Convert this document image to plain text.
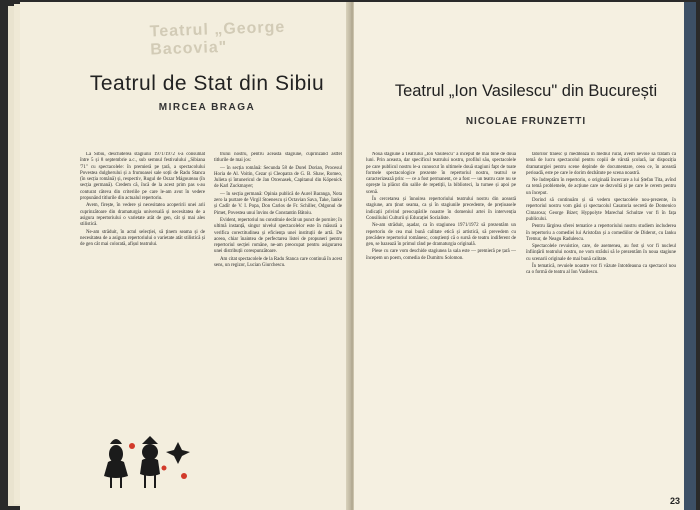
Teatrul „George Bacovia"
Teatrul de Stat din Sibiu
MIRCEA BRAGA

La Sibiu, deschiderea stagiunii 1971/1972 s-a consumat între 5 și 8 septembrie a.c., sub semnul festivalului „Sibiana '71" cu spectacolele: în premieră pe țară, a spectacolului Povestea dulgherului și a frumoasei sale soții de Radu Stanca (în secția română) și, respectiv, Rugul de Oszar Mágoureau (în secția germană). Credem că, încă de la acest prim pas s-au conturat câteva din criteriile pe care le-am avut în vedere propunând titlurile din actualul repertoriu.

Avem, firește, în vedere și necesitatea acoperirii unei arii cuprinzătoare din dramaturgia universală și necesitatea de a asigura repertoriului o varietate atât de gen, cât și mai ales stilistică.

Ne-am străduit, în actul selecției, să ținem seama și de necesitatea de a asigura repertoriului o varietate atât stilistică și de gen cât mai colorată, afișul teatrului.

trului nostru, pentru această stagiune, cuprinzând astfel titlurile de mai jos:

— în secția română: Secunda 58 de Dorel Dorian, Procesul Horia de Al. Voitin, Cezar și Cleopatra de G. B. Shaw, Romeo, Julieta și întunericul de Jan Otcenasek, Capitanul din Köpenick de Karl Zuckmayer;

— în secția germană: Opinia publică de Aurel Baranga, Nota zero la purtare de Virgil Stoenescu și Octavian Sava, Take, Ianke și Cadîr de V. I. Popa, Don Carlos de Fr. Schiller, Odgonul de Pimet, Povestea unui învins de Constantin Bâtoiu.

Evident, repertoriul nu constituie decât un punct de pornire; în ultimă instanță, singur nivelul spectacolelor este în măsură a verifica corectitudinea și eficiența unei instituții de artă. De aceea, chiar înaintea de perfectarea listei de propuneri pentru repertoriul secției române, ne-am preocupat pentru asigurarea unei distribuții corespunzătoare.

Am citat spectacolele de la Radu Stanca care continuă în acest sens, un regizor, Lucian Giurchescu.

Teatrul „Ion Vasilescu" din București
NICOLAE FRUNZETTI

Noua stagiune a Teatrului „Ion Vasilescu" a început de mai bine de două luni. Prin aceasta, dar specificul teatrului nostru, profilul său, spectacolele pe care publicul nostru le-a cunoscut în ultimele două stagiuni fapt de toate formele spectacologice prezente în repertoriul nostru, teatrul se caracterizează prin: — ce a fost permanent, ce a fost — un teatru care nu se oprește la plăcut din salile de repetiții, la biblioteci, la turnee și apoi pe scenă.

În cercetarea și înnoirea repertoriului teatrului nostru din această stagiune, am ținut seama, ca și în stagiunile precedente, de prețioasele indicații privind preocupările noastre în domeniul artei în intervenția Consiliului Culturii și Educației Socialiste.

Ne-am străduit, așadar, ca în stagiunea 1971/1972 să prezentăm un repertoriu de cea mai bună calitate etică și artistică, să prevedem cu precădere repertoriul românesc, conștienți că o sursă de teatru indiferent de gen, se bazează în primul rând pe dramaturgia originală.

Piese cu care vom deschide stagiunea la sala este — premieră pe țară — începem un poem, comedia de Dumitru Solomon.

tatorilor trăiesc și meditează în mediul rural, avem nevoie să tratăm ca temă de lucru spectacolul pentru copiii de vârstă școlară, iar dispoziția dramaturgiei pentru scene depinde de documentare, ceea ce, în această perioadă, este pe care le dorim dezbătute pe scena noastră.

Ne îndreptăm în repertoriu, o originală încercare a lui Ștefan Tita, avînd ca temă problemele, de acțiune care se dezvoltă și pe care le cerem pentru un început.

Dorind să continuăm și să vedem spectacolele nou-prezente, în repertoriul nostru vom găsi și spectacolul Casatoria secretă de Domenico Cimarosa; George Bizet; Hyppolyte Marechal Schultze vor fi în fața publicului.

Pentru lărgirea sferei tematice a repertoriului nostru studiem includerea în repertoriu a comediei lui Aristofan și a comediilor de Diderot, cu Ianku Tremur, de Neagu Radulescu.

Spectacolele revuistice, care, de asemenea, au fost și vor fi nucleul înființării teatrului nostru, ne vom strădui să le prezentăm în noua stagiune cu scenarii originale de mai bună calitate.

În tematică, revuiele noastre vor fi văzute întotdeauna ca spectacol nou ca o formă de teatru al Ion Vasilescu.

23
